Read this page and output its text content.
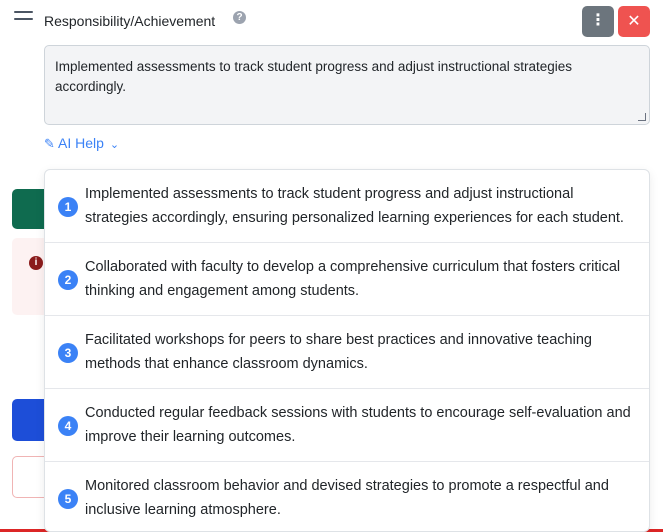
i
Responsibility/Achievement	?	⋮	✕
Implemented assessments to track student progress and adjust instructional strategies accordingly.
✎ AI Help ⌄
1
Implemented assessments to track student progress and adjust instructional strategies accordingly, ensuring personalized learning experiences for each student.
2
Collaborated with faculty to develop a comprehensive curriculum that fosters critical thinking and engagement among students.
3
Facilitated workshops for peers to share best practices and innovative teaching methods that enhance classroom dynamics.
4
Conducted regular feedback sessions with students to encourage self-evaluation and improve their learning outcomes.
5
Monitored classroom behavior and devised strategies to promote a respectful and inclusive learning atmosphere.
